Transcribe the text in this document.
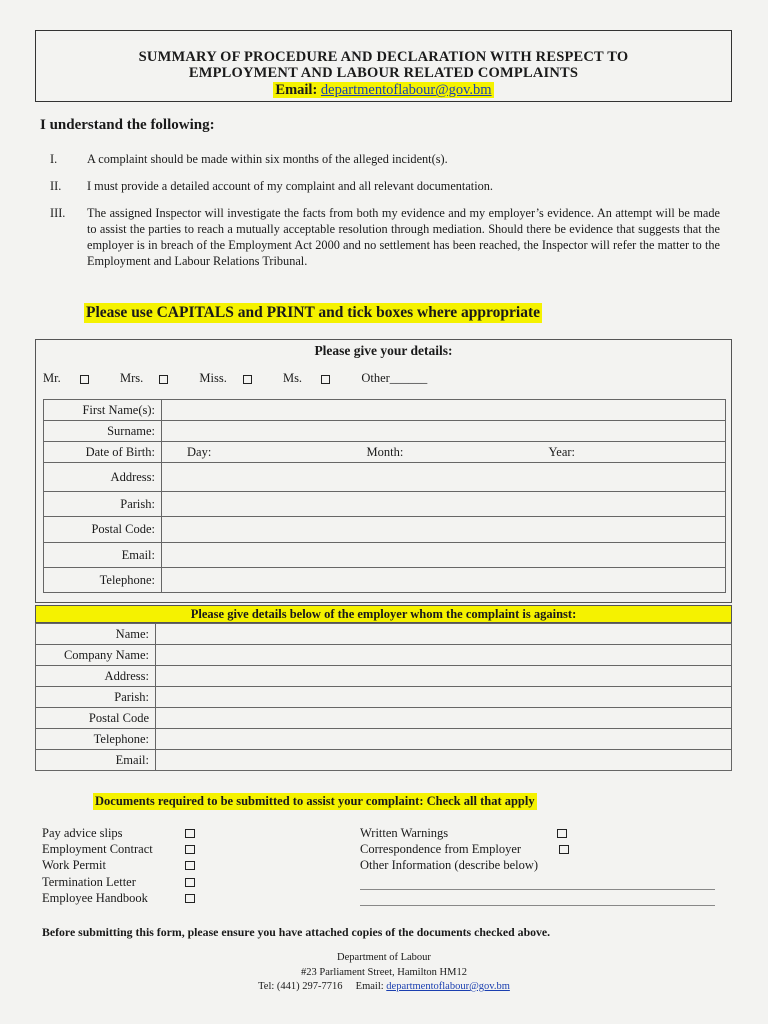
SUMMARY OF PROCEDURE AND DECLARATION WITH RESPECT TO
EMPLOYMENT AND LABOUR RELATED COMPLAINTS
Email: departmentoflabour@gov.bm
I understand the following:
I. A complaint should be made within six months of the alleged incident(s).
II. I must provide a detailed account of my complaint and all relevant documentation.
III. The assigned Inspector will investigate the facts from both my evidence and my employer’s evidence. An attempt will be made to assist the parties to reach a mutually acceptable resolution through mediation. Should there be evidence that suggests that the employer is in breach of the Employment Act 2000 and no settlement has been reached, the Inspector will refer the matter to the Employment and Labour Relations Tribunal.
Please use CAPITALS and PRINT and tick boxes where appropriate
Please give your details:
Mr.	Mrs.	Miss.	Ms.	Other______
First Name(s):			
Surname:			
Date of Birth:	Day:	Month:	Year:
Address:			
Parish:			
Postal Code:			
Email:			
Telephone:			
Please give details below of the employer whom the complaint is against:
Name:	
Company Name:	
Address:	
Parish:	
Postal Code	
Telephone:	
Email:	
Documents required to be submitted to assist your complaint: Check all that apply
Pay advice slips
Employment Contract
Work Permit
Termination Letter
Employee Handbook
Written Warnings
Correspondence from Employer
Other Information (describe below)
Before submitting this form, please ensure you have attached copies of the documents checked above.
Department of Labour
#23 Parliament Street, Hamilton HM12
Tel: (441) 297-7716 Email: departmentoflabour@gov.bm
